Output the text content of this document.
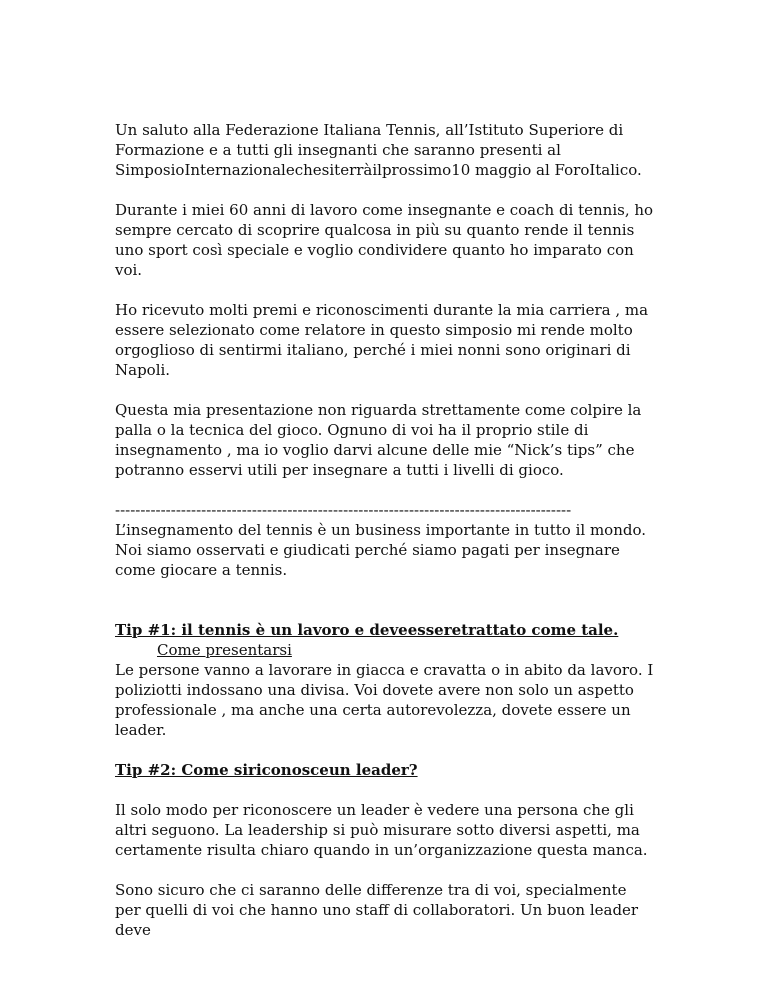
Un saluto alla Federazione Italiana Tennis, all’Istituto Superiore di Formazione e a tutti gli insegnanti che saranno presenti al SimposioInternazionalechesiterràilprossimo10 maggio al ForoItalico.

Durante i miei 60 anni di lavoro come insegnante e coach di tennis, ho sempre cercato di scoprire qualcosa in più su quanto rende il tennis uno sport così speciale e voglio condividere quanto ho imparato con voi.

Ho ricevuto molti premi e riconoscimenti durante la mia carriera , ma essere selezionato come relatore in questo simposio mi rende molto orgoglioso di sentirmi italiano, perché i miei nonni sono originari di Napoli.

Questa mia presentazione non riguarda strettamente come colpire la palla o la tecnica del gioco. Ognuno di voi ha il proprio stile di insegnamento , ma io voglio darvi alcune delle mie “Nick’s tips” che potranno esservi utili per insegnare a tutti i livelli di gioco.

------------------------------------------------------------------------------------------

L’insegnamento del tennis è un business importante in tutto il mondo. Noi siamo osservati e giudicati perché siamo pagati per insegnare come giocare a tennis.

Tip #1: il tennis è un lavoro e deveesseretrattato come tale.

Come presentarsi

Le persone vanno a lavorare in giacca e cravatta o in abito da lavoro. I poliziotti indossano una divisa. Voi dovete avere non solo un aspetto professionale , ma anche una certa autorevolezza, dovete essere un leader.

Tip #2: Come siriconosceun leader?

Il solo modo per riconoscere un leader è vedere una persona che gli altri seguono. La leadership si può misurare sotto diversi aspetti, ma certamente risulta chiaro quando in un’organizzazione questa manca.

Sono sicuro che ci saranno delle differenze tra di voi, specialmente per quelli di voi che hanno uno staff di collaboratori. Un buon leader deve
